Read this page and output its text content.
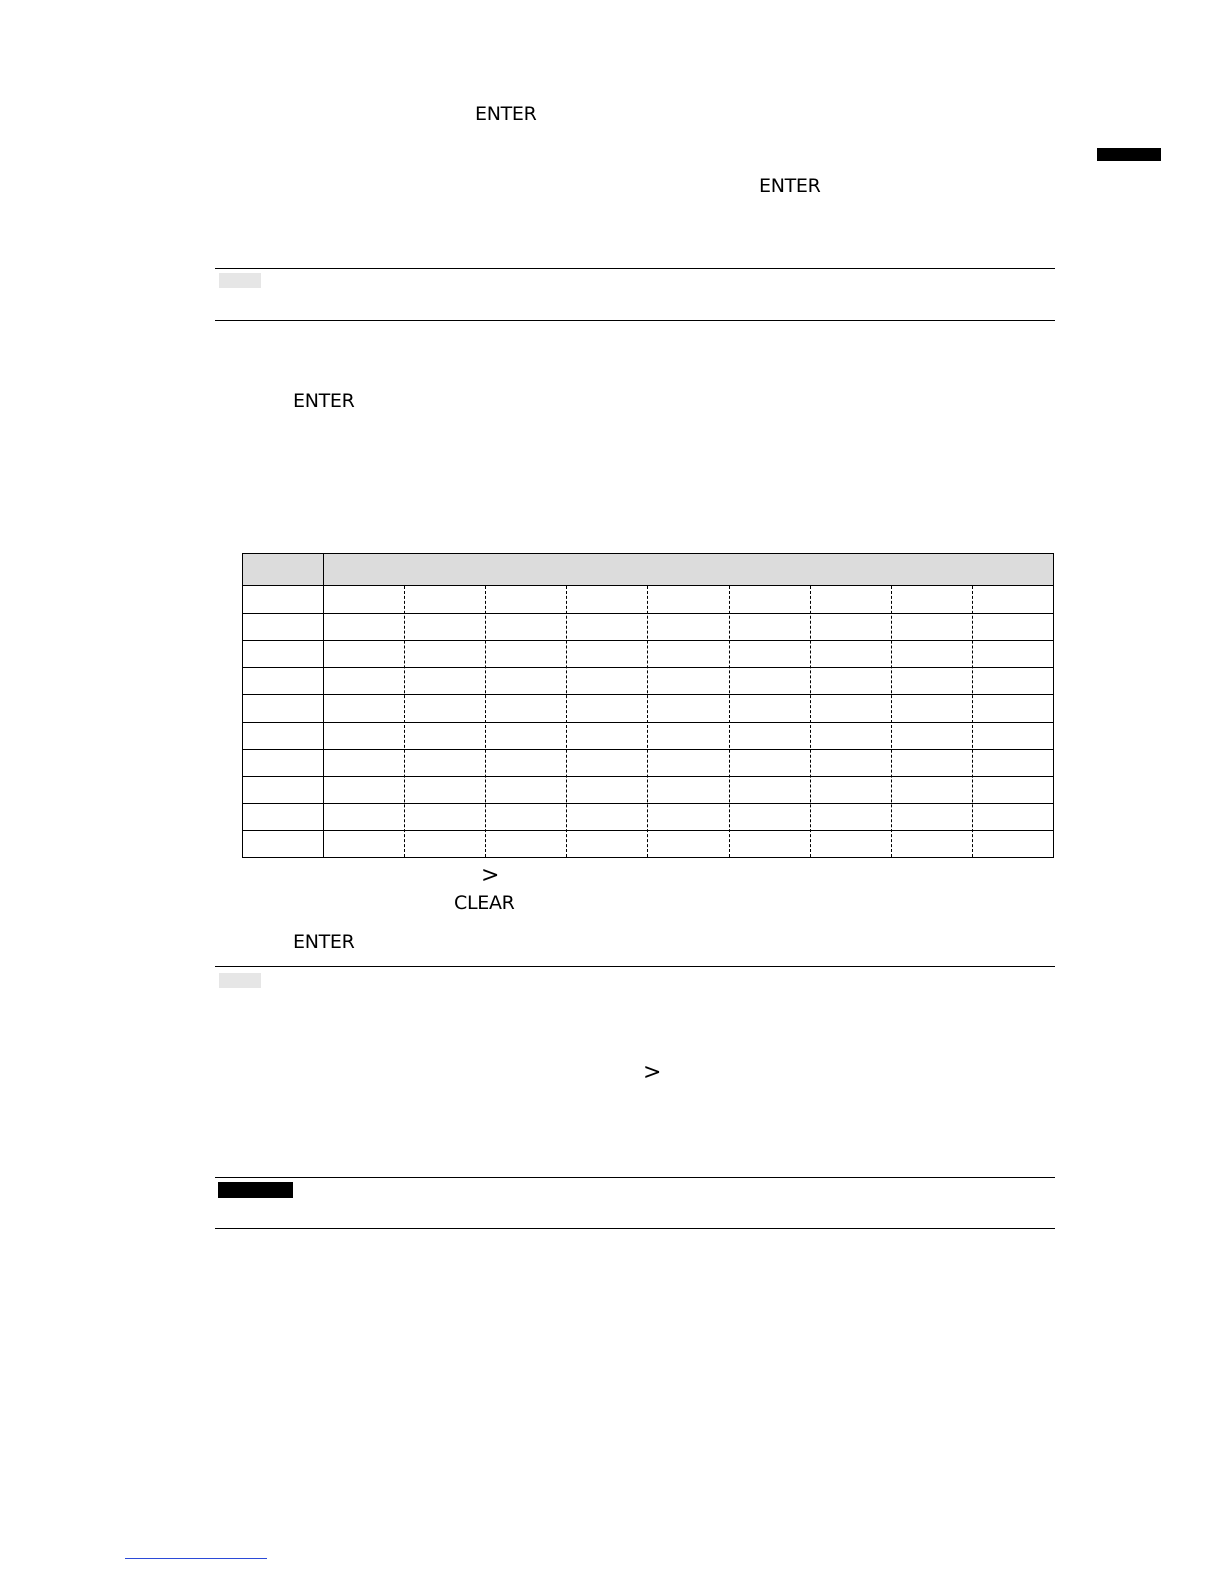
ENTER
ENTER
ENTER
>
CLEAR
ENTER
>
